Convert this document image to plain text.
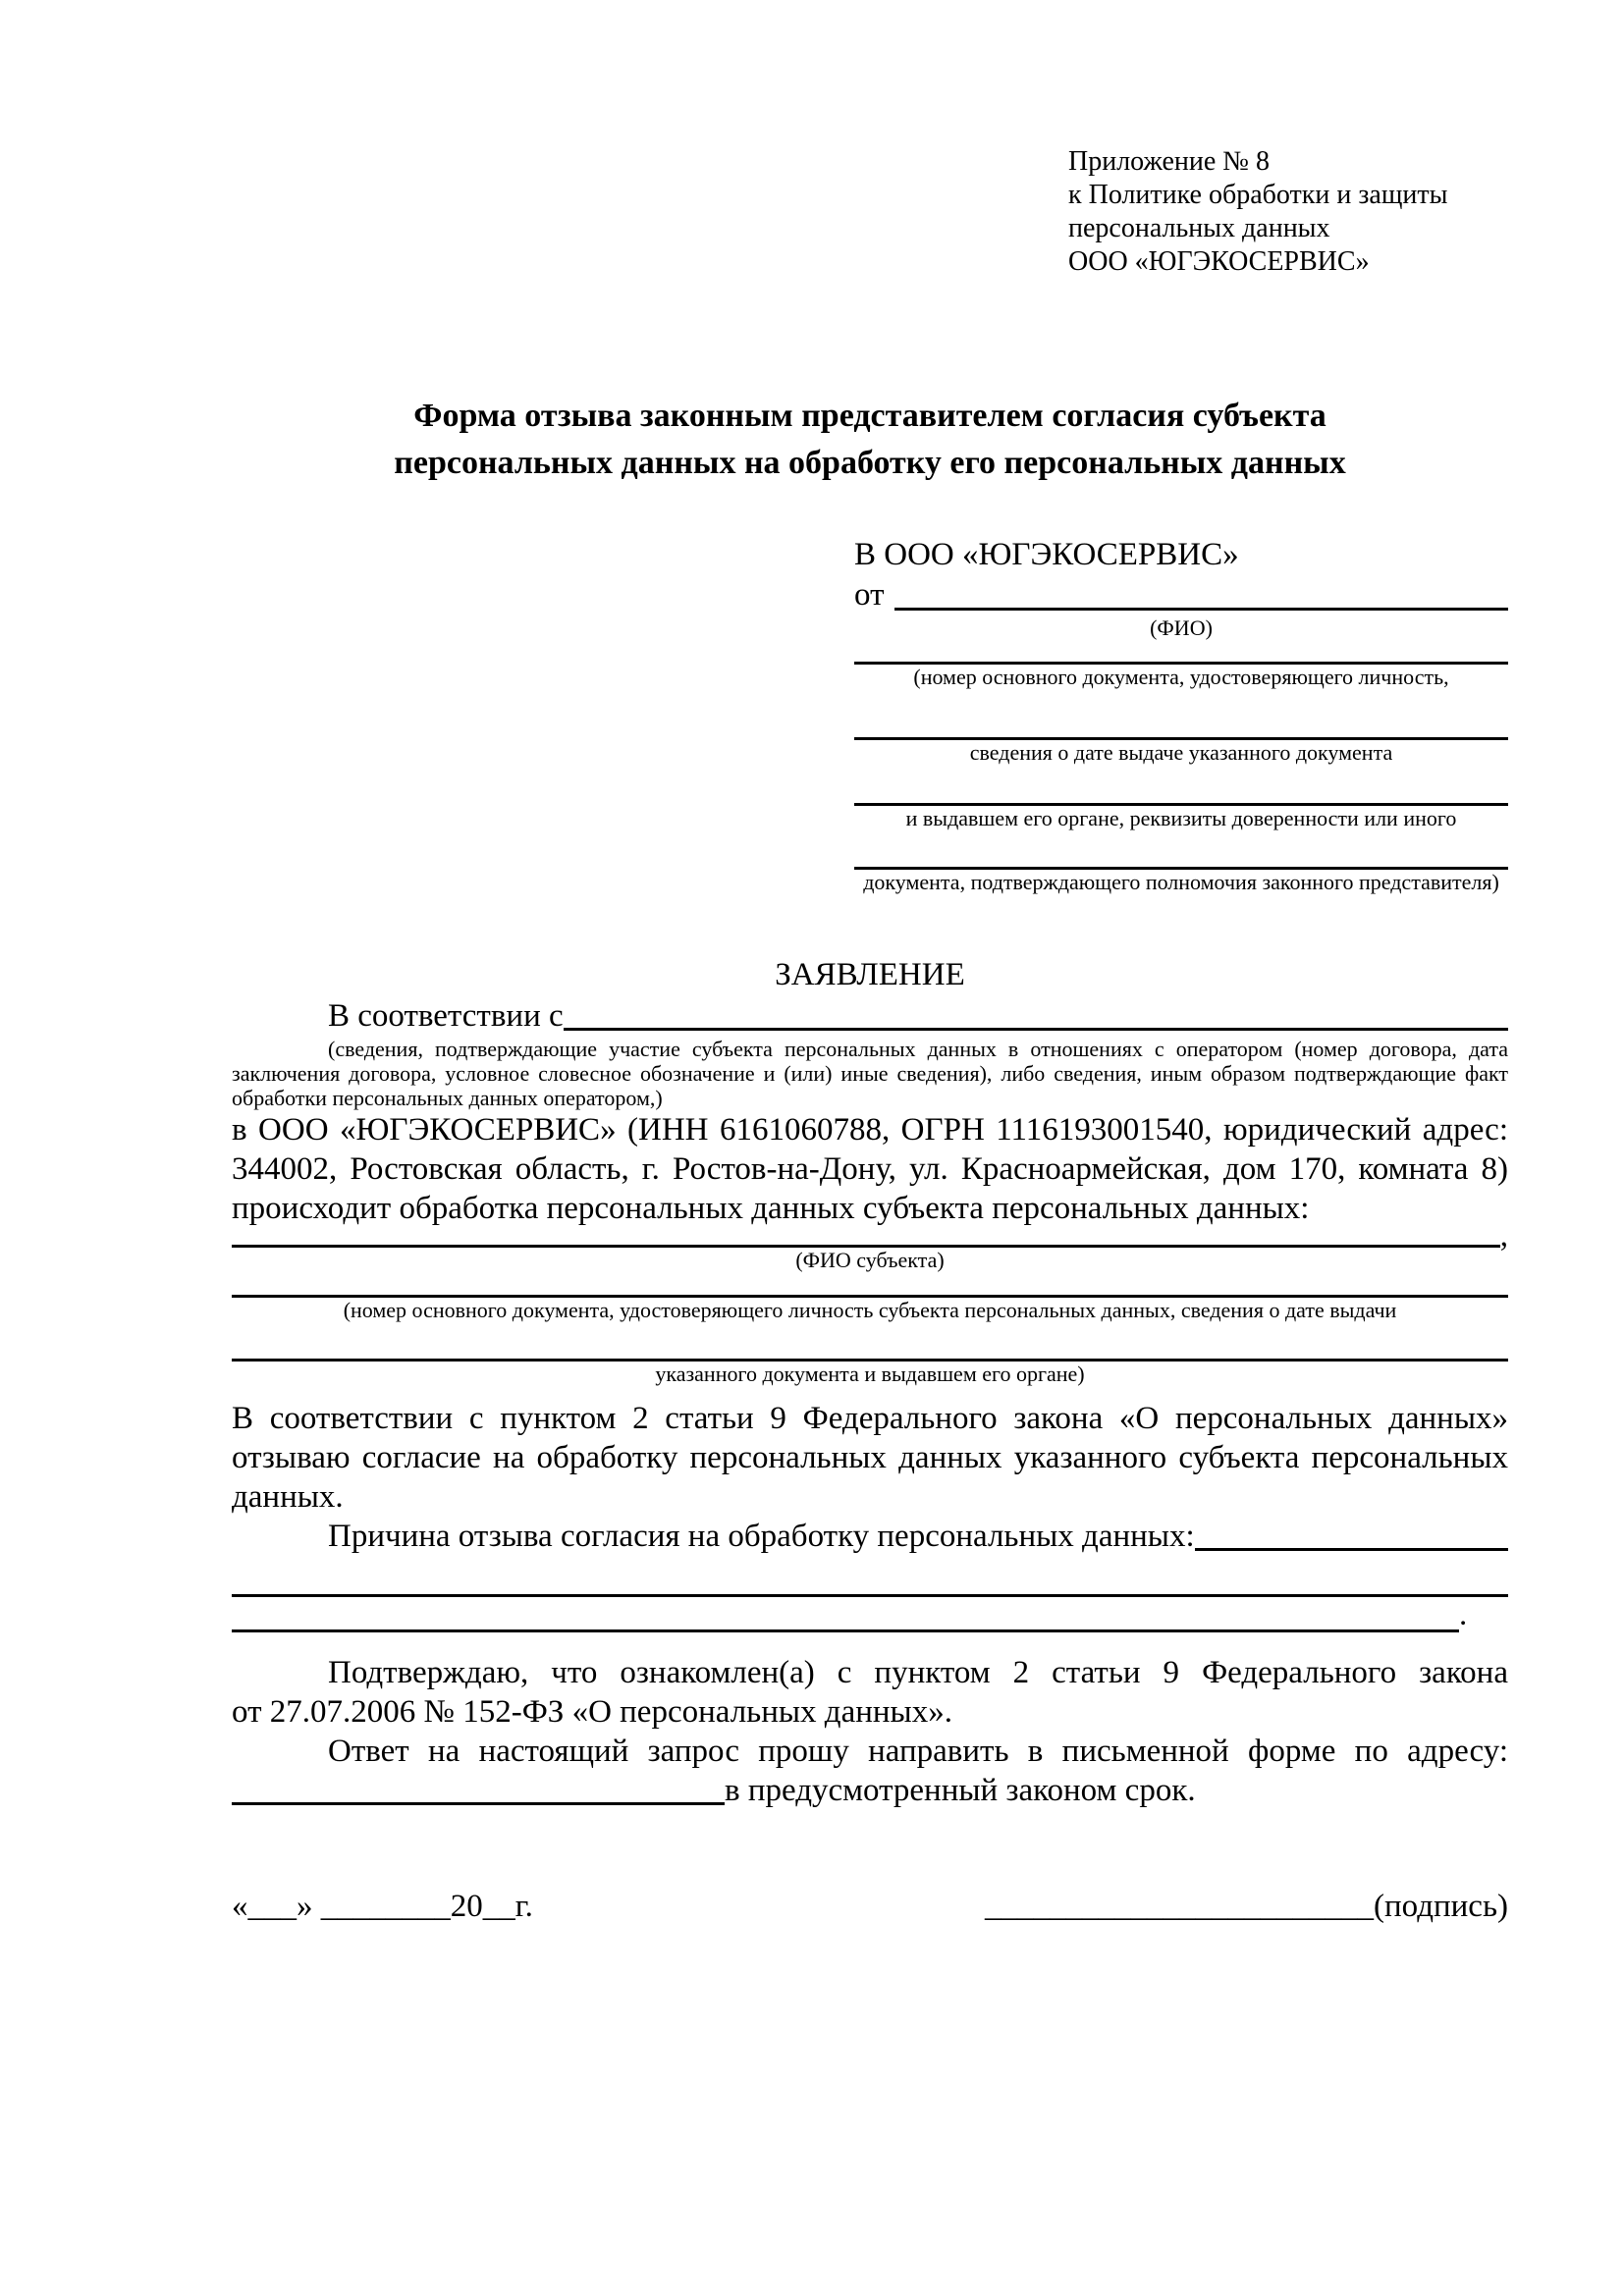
Приложение № 8
к Политике обработки и защиты
персональных данных
ООО «ЮГЭКОСЕРВИС»
Форма отзыва законным представителем согласия субъекта
персональных данных на обработку его персональных данных
В ООО «ЮГЭКОСЕРВИС»
от
(ФИО)
(номер основного документа, удостоверяющего личность,
сведения о дате выдаче указанного документа
и выдавшем его органе, реквизиты доверенности или иного
документа, подтверждающего полномочия законного представителя)
ЗАЯВЛЕНИЕ
В соответствии с
(сведения, подтверждающие участие субъекта персональных данных в отношениях с оператором (номер договора, дата
заключения договора, условное словесное обозначение и (или) иные сведения), либо сведения, иным образом подтверждающие факт
обработки персональных данных оператором,)
в ООО «ЮГЭКОСЕРВИС» (ИНН 6161060788, ОГРН 1116193001540, юридический адрес:
344002, Ростовская область, г. Ростов-на-Дону, ул. Красноармейская, дом 170, комната 8)
происходит обработка персональных данных субъекта персональных данных:
,
(ФИО субъекта)
(номер основного документа, удостоверяющего личность субъекта персональных данных, сведения о дате выдачи
указанного документа и выдавшем его органе)
В соответствии с пунктом 2 статьи 9 Федерального закона «О персональных данных»
отзываю согласие на обработку персональных данных указанного субъекта персональных
данных.
Причина отзыва согласия на обработку персональных данных:
.
Подтверждаю, что ознакомлен(а) с пунктом 2 статьи 9 Федерального закона
от 27.07.2006 № 152-ФЗ «О персональных данных».
Ответ на настоящий запрос прошу направить в письменной форме по адресу:
в предусмотренный законом срок.
«___» ________20__г.	________________________(подпись)
